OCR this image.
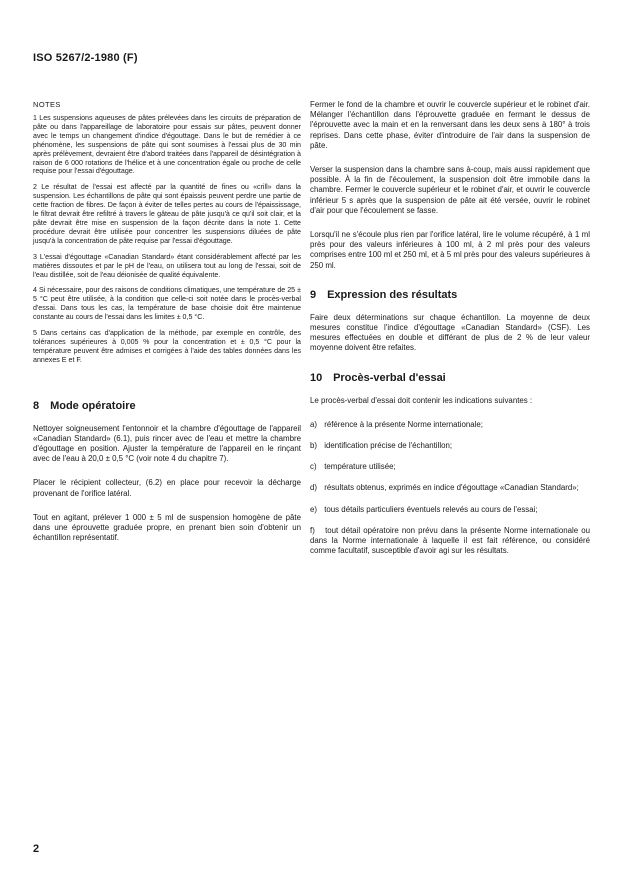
ISO 5267/2-1980 (F)
NOTES

1 Les suspensions aqueuses de pâtes prélevées dans les circuits de préparation de pâte ou dans l'appareillage de laboratoire pour essais sur pâtes, peuvent donner avec le temps un changement d'indice d'égouttage. Dans le but de remédier à ce phénomène, les suspensions de pâte qui sont soumises à l'essai plus de 30 min après prélèvement, devraient être d'abord traitées dans l'appareil de désintégration à raison de 6 000 rotations de l'hélice et à une concentration égale ou proche de celle requise pour l'essai d'égouttage.

2 Le résultat de l'essai est affecté par la quantité de fines ou «crill» dans la suspension. Les échantillons de pâte qui sont épaissis peuvent perdre une partie de cette fraction de fibres. De façon à éviter de telles pertes au cours de l'épaississage, le filtrat devrait être refiltré à travers le gâteau de pâte jusqu'à ce qu'il soit clair, et la pâte devrait être mise en suspension de la façon décrite dans la note 1. Cette procédure devrait être utilisée pour concentrer les suspensions diluées de pâte jusqu'à la concentration de pâte requise par l'essai d'égouttage.

3 L'essai d'égouttage «Canadian Standard» étant considérablement affecté par les matières dissoutes et par le pH de l'eau, on utilisera tout au long de l'essai, soit de l'eau distillée, soit de l'eau déionisée de qualité équivalente.

4 Si nécessaire, pour des raisons de conditions climatiques, une température de 25 ± 5 °C peut être utilisée, à la condition que celle-ci soit notée dans le procès-verbal d'essai. Dans tous les cas, la température de base choisie doit être maintenue constante au cours de l'essai dans les limites ± 0,5 °C.

5 Dans certains cas d'application de la méthode, par exemple en contrôle, des tolérances supérieures à 0,005 % pour la concentration et ± 0,5 °C pour la température peuvent être admises et corrigées à l'aide des tables données dans les annexes E et F.

8 Mode opératoire

Nettoyer soigneusement l'entonnoir et la chambre d'égouttage de l'appareil «Canadian Standard» (6.1), puis rincer avec de l'eau et mettre la chambre d'égouttage en position. Ajuster la température de l'appareil en le rinçant avec de l'eau à 20,0 ± 0,5 °C (voir note 4 du chapitre 7).

Placer le récipient collecteur, (6.2) en place pour recevoir la décharge provenant de l'orifice latéral.

Tout en agitant, prélever 1 000 ± 5 ml de suspension homogène de pâte dans une éprouvette graduée propre, en prenant bien soin d'obtenir un échantillon représentatif.

Fermer le fond de la chambre et ouvrir le couvercle supérieur et le robinet d'air. Mélanger l'échantillon dans l'éprouvette graduée en fermant le dessus de l'éprouvette avec la main et en la renversant dans les deux sens à 180° à trois reprises. Dans cette phase, éviter d'introduire de l'air dans la suspension de pâte.

Verser la suspension dans la chambre sans à-coup, mais aussi rapidement que possible. À la fin de l'écoulement, la suspension doit être immobile dans la chambre. Fermer le couvercle supérieur et le robinet d'air, et ouvrir le couvercle inférieur 5 s après que la suspension de pâte ait été versée, ouvrir le robinet d'air pour que l'écoulement se fasse.

Lorsqu'il ne s'écoule plus rien par l'orifice latéral, lire le volume récupéré, à 1 ml près pour des valeurs inférieures à 100 ml, à 2 ml près pour des valeurs comprises entre 100 ml et 250 ml, et à 5 ml près pour des valeurs supérieures à 250 ml.

9 Expression des résultats

Faire deux déterminations sur chaque échantillon. La moyenne de deux mesures constitue l'indice d'égouttage «Canadian Standard» (CSF). Les mesures effectuées en double et différant de plus de 2 % de leur valeur moyenne doivent être refaites.

10 Procès-verbal d'essai

Le procès-verbal d'essai doit contenir les indications suivantes :

a) référence à la présente Norme internationale;
b) identification précise de l'échantillon;
c) température utilisée;
d) résultats obtenus, exprimés en indice d'égouttage «Canadian Standard»;
e) tous détails particuliers éventuels relevés au cours de l'essai;
f) tout détail opératoire non prévu dans la présente Norme internationale ou dans la Norme internationale à laquelle il est fait référence, ou considéré comme facultatif, susceptible d'avoir agi sur les résultats.
2
